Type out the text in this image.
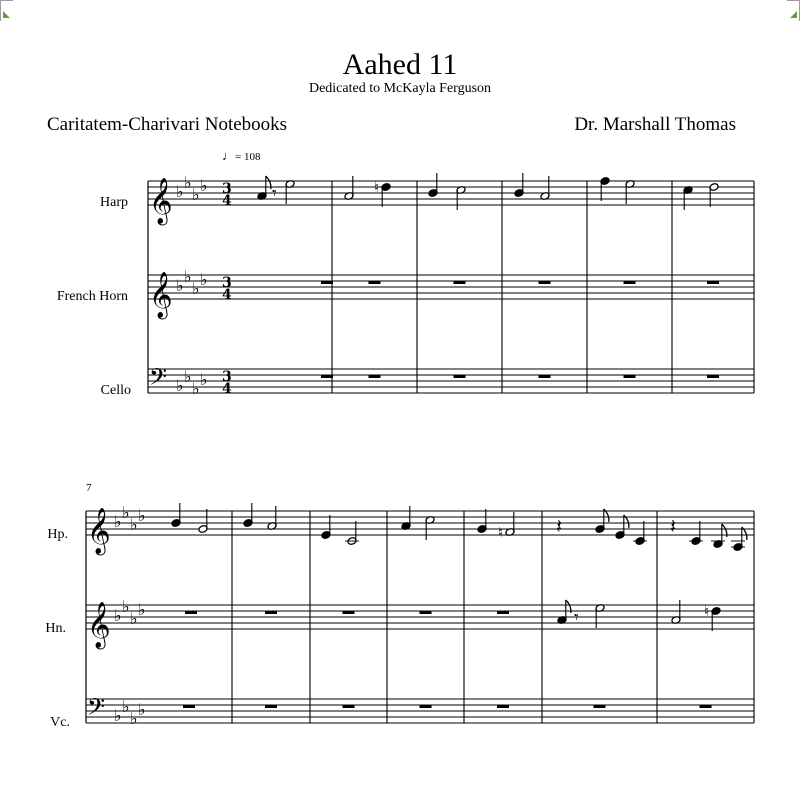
Aahed 11
Dedicated to McKayla Ferguson
Caritatem-Charivari Notebooks	Dr. Marshall Thomas
♩= 108
Harp
French Horn
Cello
Hp.
Hn.
Vc.
7
𝄞 ♭ ♭
♭ ♭ 3
4
𝄞 ♭ ♭
♭ ♭ 3
4
𝄢 ♭ ♭
♭ ♭ 3
4
𝄾	♮
𝄞 ♭ ♭
♭ ♭
𝄞 ♭ ♭
♭ ♭
𝄢 ♭ ♭
♭ ♭
♮	𝄽	𝄽
𝄾	♮
